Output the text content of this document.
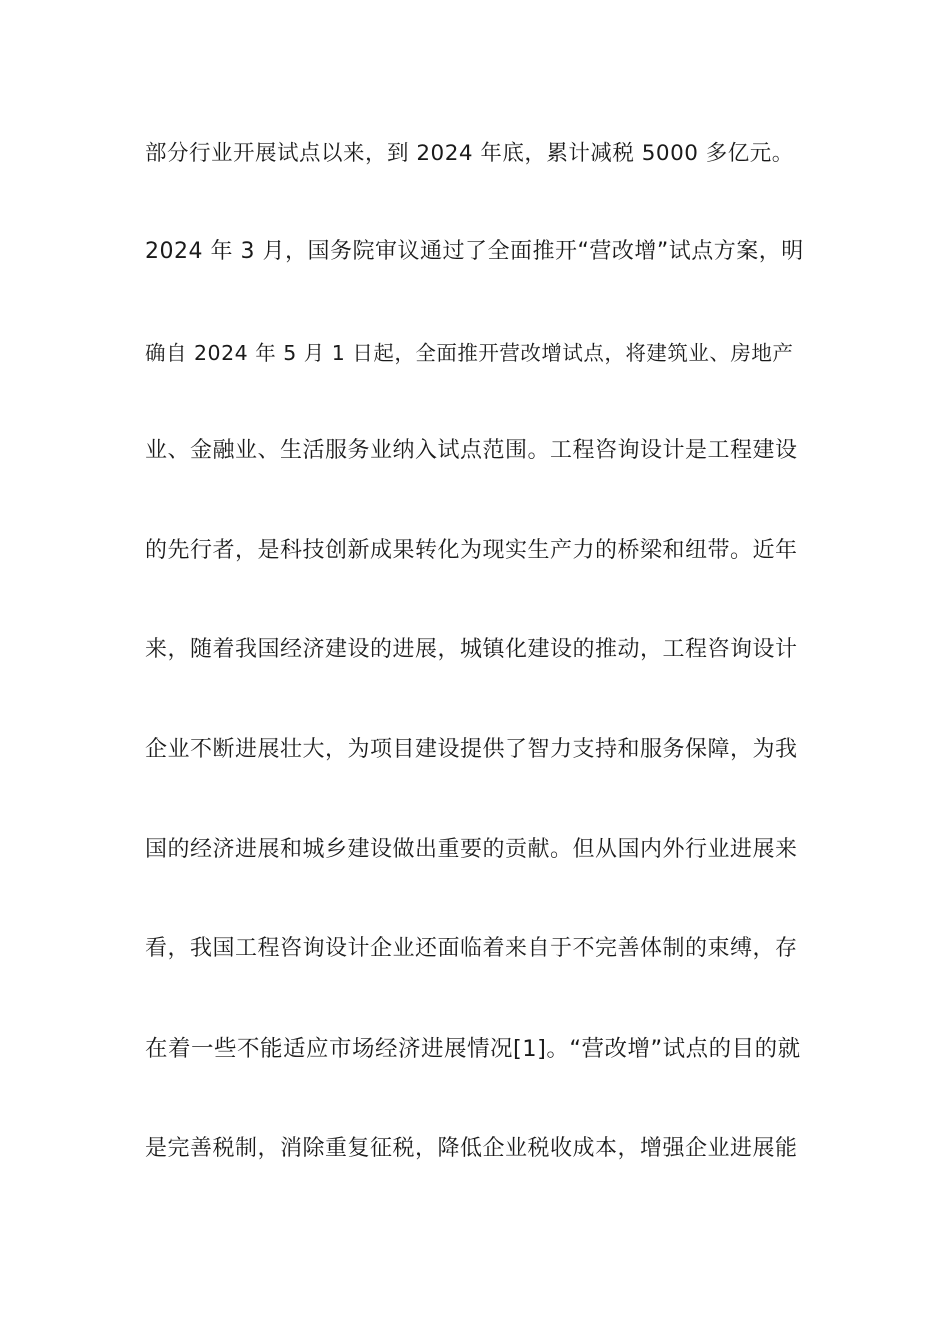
部分行业开展试点以来，到 2024 年底，累计减税 5000 多亿元。
2024 年 3 月，国务院审议通过了全面推开“营改增”试点方案，明
确自 2024 年 5 月 1 日起，全面推开营改增试点，将建筑业、房地产
业、金融业、生活服务业纳入试点范围。工程咨询设计是工程建设
的先行者，是科技创新成果转化为现实生产力的桥梁和纽带。近年
来，随着我国经济建设的进展，城镇化建设的推动，工程咨询设计
企业不断进展壮大，为项目建设提供了智力支持和服务保障，为我
国的经济进展和城乡建设做出重要的贡献。但从国内外行业进展来
看，我国工程咨询设计企业还面临着来自于不完善体制的束缚，存
在着一些不能适应市场经济进展情况[1]。“营改增”试点的目的就
是完善税制，消除重复征税，降低企业税收成本，增强企业进展能
